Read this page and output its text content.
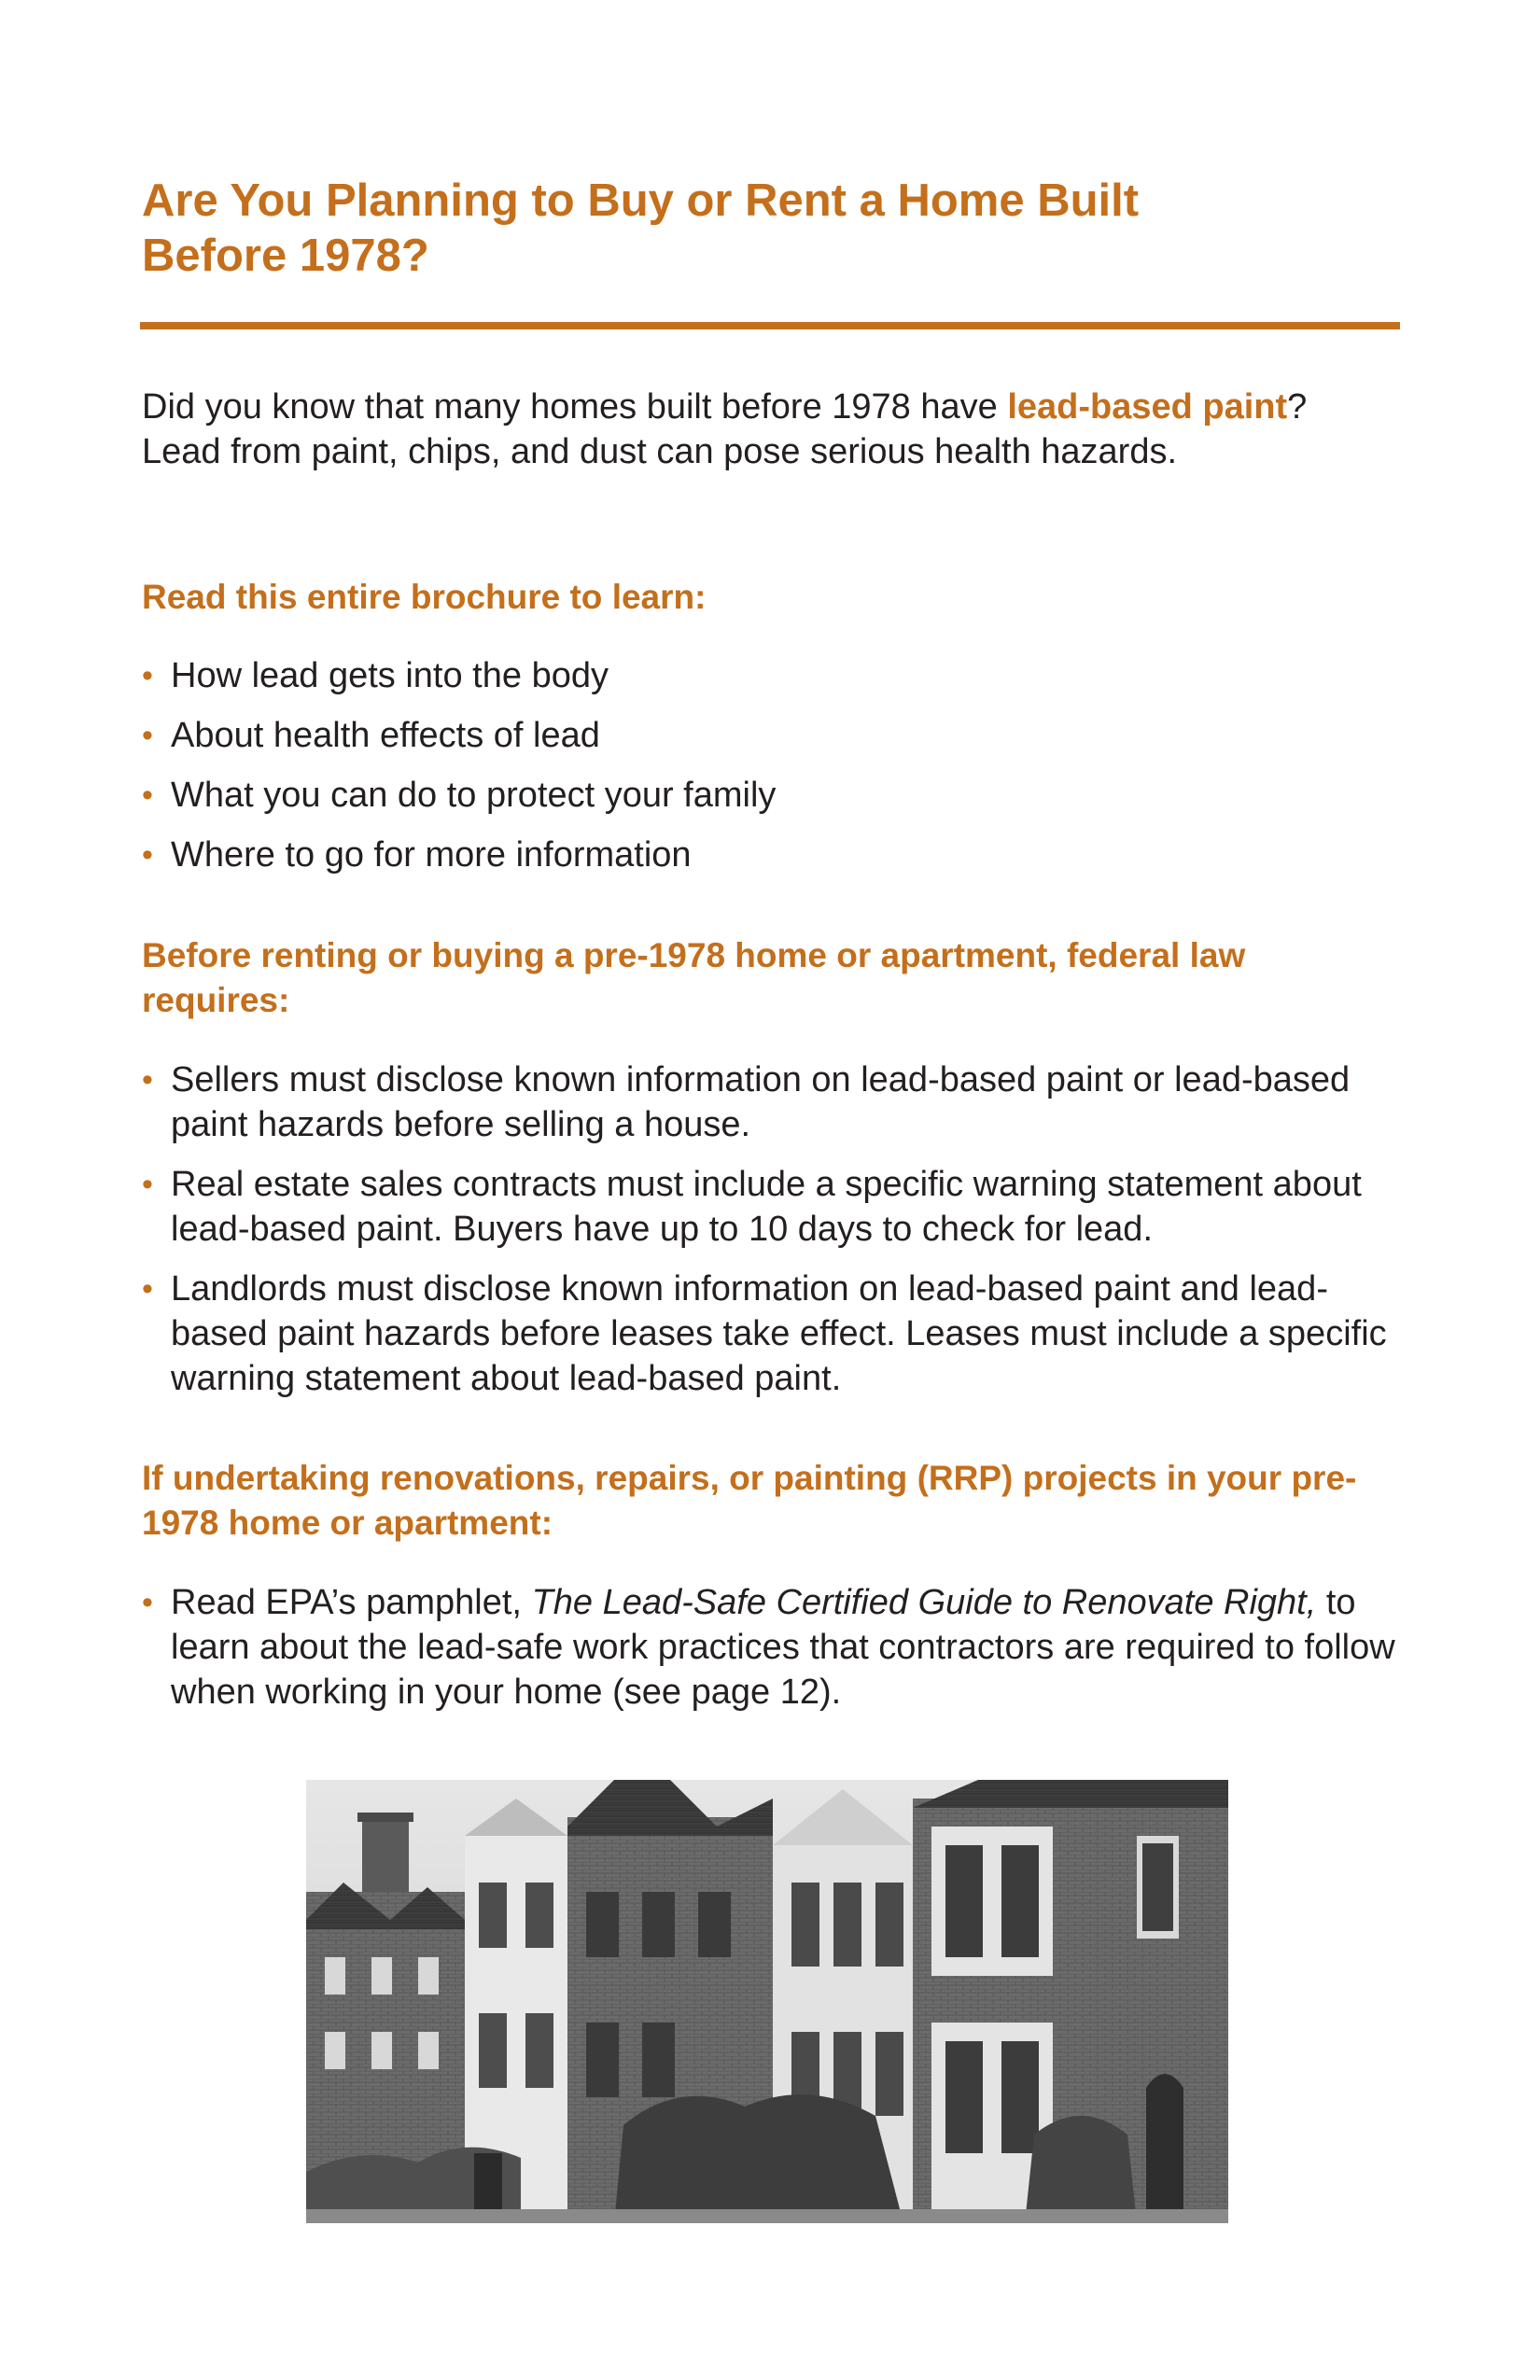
Are You Planning to Buy or Rent a Home Built
Before 1978?

Did you know that many homes built before 1978 have lead-based paint? Lead from paint, chips, and dust can pose serious health hazards.

Read this entire brochure to learn:
• How lead gets into the body
• About health effects of lead
• What you can do to protect your family
• Where to go for more information
Before renting or buying a pre-1978 home or apartment, federal law requires:
• Sellers must disclose known information on lead-based paint or lead-based paint hazards before selling a house.
• Real estate sales contracts must include a specific warning statement about lead-based paint. Buyers have up to 10 days to check for lead.
• Landlords must disclose known information on lead-based paint and lead-based paint hazards before leases take effect. Leases must include a specific warning statement about lead-based paint.
If undertaking renovations, repairs, or painting (RRP) projects in your pre-1978 home or apartment:
• Read EPA’s pamphlet, The Lead-Safe Certified Guide to Renovate Right, to learn about the lead-safe work practices that contractors are required to follow when working in your home (see page 12).
